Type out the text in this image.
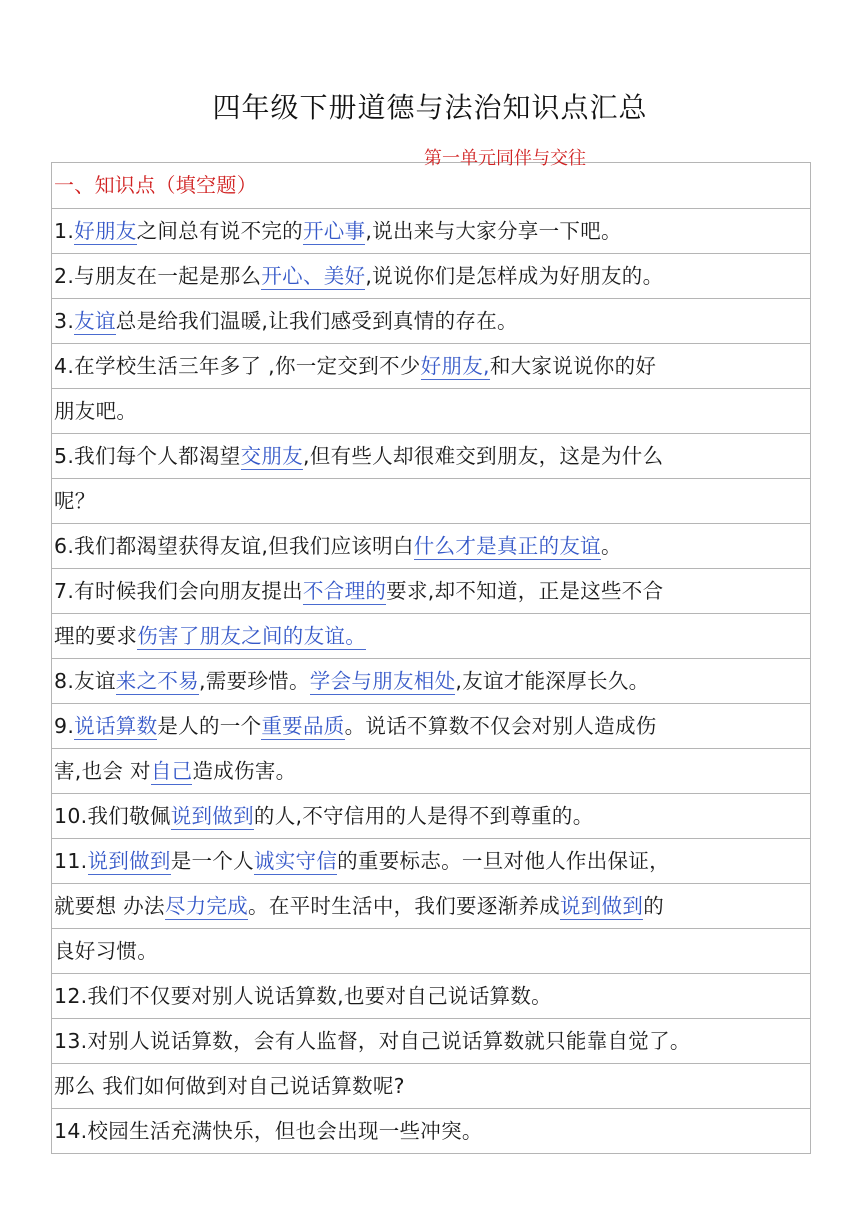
四年级下册道德与法治知识点汇总
一、知识点（填空题）
1.好朋友之间总有说不完的开心事,说出来与大家分享一下吧。
2.与朋友在一起是那么开心、美好,说说你们是怎样成为好朋友的。
3.友谊总是给我们温暖,让我们感受到真情的存在。
4.在学校生活三年多了 ,你一定交到不少好朋友,和大家说说你的好
朋友吧。
5.我们每个人都渴望交朋友,但有些人却很难交到朋友，这是为什么
呢？
6.我们都渴望获得友谊,但我们应该明白什么才是真正的友谊。
7.有时候我们会向朋友提出不合理的要求,却不知道，正是这些不合
理的要求伤害了朋友之间的友谊。
8.友谊来之不易,需要珍惜。学会与朋友相处,友谊才能深厚长久。
9.说话算数是人的一个重要品质。说话不算数不仅会对别人造成伤
害,也会 对自己造成伤害。
10.我们敬佩说到做到的人,不守信用的人是得不到尊重的。
11.说到做到是一个人诚实守信的重要标志。一旦对他人作出保证，
就要想 办法尽力完成。在平时生活中，我们要逐渐养成说到做到的
良好习惯。
12.我们不仅要对别人说话算数,也要对自己说话算数。
13.对别人说话算数，会有人监督，对自己说话算数就只能靠自觉了。
那么 我们如何做到对自己说话算数呢?
14.校园生活充满快乐，但也会出现一些冲突。
第一单元同伴与交往
